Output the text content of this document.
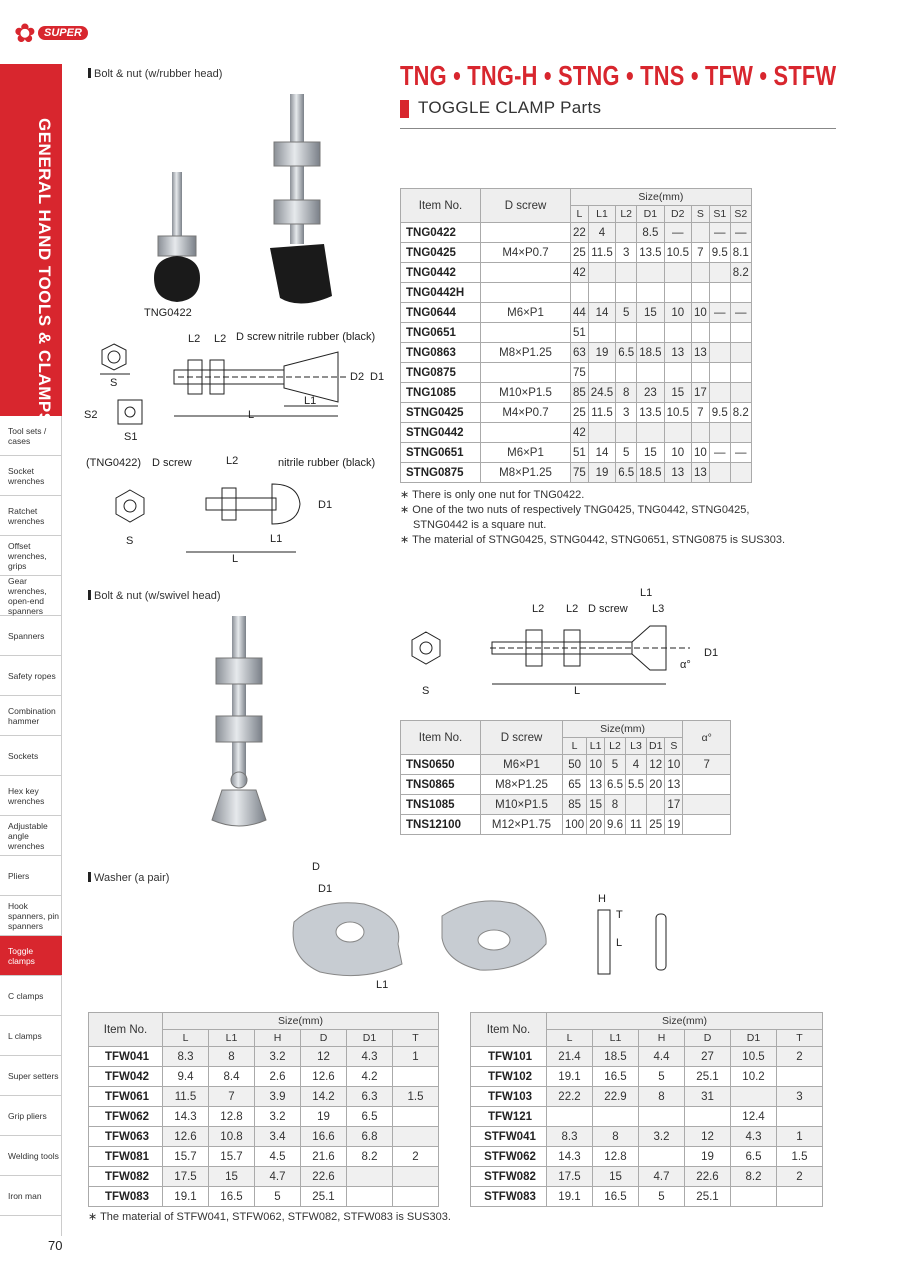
✿ SUPER
GENERAL HAND TOOLS & CLAMPS
Tool sets / cases
Socket wrenches
Ratchet wrenches
Offset wrenches, grips
Gear wrenches, open-end spanners
Spanners
Safety ropes
Combination hammer
Sockets
Hex key wrenches
Adjustable angle wrenches
Pliers
Hook spanners, pin spanners
Toggle clamps
C clamps
L clamps
Super setters
Grip pliers
Welding tools
Iron man
70
TNG • TNG-H • STNG • TNS • TFW • STFW
TOGGLE CLAMP Parts
Bolt & nut (w/rubber head)
Bolt & nut (w/swivel head)
Washer (a pair)
TNG0422
S
S2
S1
L
L1
L2 L2 D screw nitrile rubber (black)
D2 D1
(TNG0422) D screw	L2	nitrile rubber (black)
S
D1
L1
L
Item No.	D screw	Size(mm)							
		L	L1	L2	D1	D2	S	S1	S2
TNG0422		22	4		8.5	—		—	—
TNG0425	M4×P0.7	25	11.5	3	13.5	10.5	7	9.5	8.1
TNG0442		42							8.2
TNG0442H									
TNG0644	M6×P1	44	14	5	15	10	10	—	—
TNG0651		51							
TNG0863	M8×P1.25	63	19	6.5	18.5	13	13		
TNG0875		75							
TNG1085	M10×P1.5	85	24.5	8	23	15	17		
STNG0425	M4×P0.7	25	11.5	3	13.5	10.5	7	9.5	8.2
STNG0442		42							
STNG0651	M6×P1	51	14	5	15	10	10	—	—
STNG0875	M8×P1.25	75	19	6.5	18.5	13	13		
∗ There is only one nut for TNG0422.
∗ One of the two nuts of respectively TNG0425, TNG0442, STNG0425,
STNG0442 is a square nut.
∗ The material of STNG0425, STNG0442, STNG0651, STNG0875 is SUS303.
S	L
L2 L2 D screw L3
L1
D1
α°
Item No.	D screw	Size(mm)						α°
		L	L1	L2	L3	D1	S	
TNS0650	M6×P1	50	10	5	4	12	10	7
TNS0865	M8×P1.25	65	13	6.5	5.5	20	13	
TNS1085	M10×P1.5	85	15	8			17	
TNS12100	M12×P1.75	100	20	9.6	11	25	19	
D
D1
L1
H
T
L
Item No.	Size(mm)					
	L	L1	H	D	D1	T
TFW041	8.3	8	3.2	12	4.3	1
TFW042	9.4	8.4	2.6	12.6	4.2	
TFW061	11.5	7	3.9	14.2	6.3	1.5
TFW062	14.3	12.8	3.2	19	6.5	
TFW063	12.6	10.8	3.4	16.6	6.8	
TFW081	15.7	15.7	4.5	21.6	8.2	2
TFW082	17.5	15	4.7	22.6		
TFW083	19.1	16.5	5	25.1		
Item No.	Size(mm)					
	L	L1	H	D	D1	T
TFW101	21.4	18.5	4.4	27	10.5	2
TFW102	19.1	16.5	5	25.1	10.2	
TFW103	22.2	22.9	8	31		3
TFW121					12.4	
STFW041	8.3	8	3.2	12	4.3	1
STFW062	14.3	12.8		19	6.5	1.5
STFW082	17.5	15	4.7	22.6	8.2	2
STFW083	19.1	16.5	5	25.1		
∗ The material of STFW041, STFW062, STFW082, STFW083 is SUS303.
